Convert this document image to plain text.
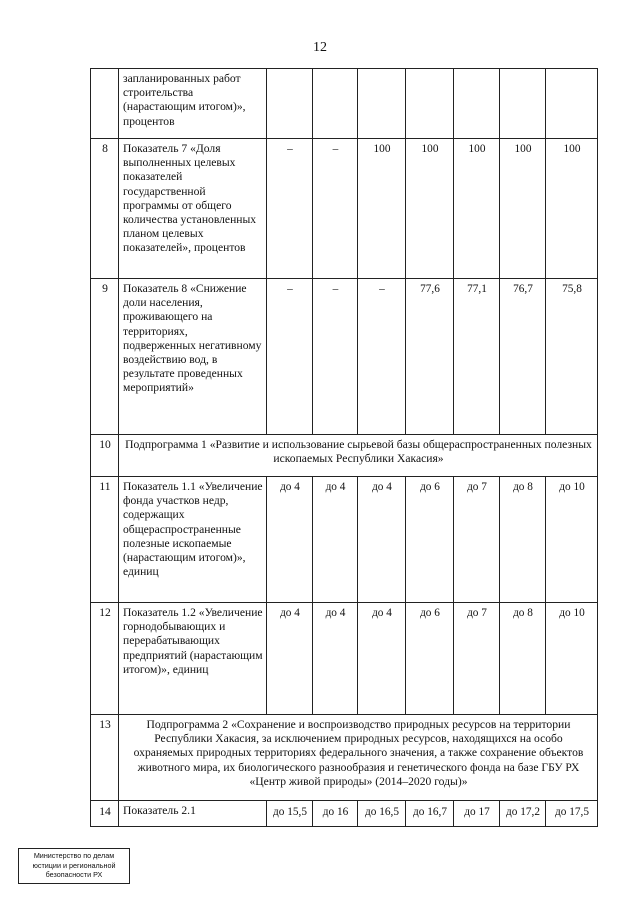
12
	запланированных работ строительства (нарастающим итогом)», процентов							
8	Показатель 7 «Доля выполненных целевых показателей государственной программы от общего количества установленных планом целевых показателей», процентов	–	–	100	100	100	100	100
9	Показатель 8 «Снижение доли населения, проживающего на территориях, подверженных негативному воздействию вод, в результате проведенных мероприятий»	–	–	–	77,6	77,1	76,7	75,8
10	Подпрограмма 1 «Развитие и использование сырьевой базы общераспространенных полезных ископаемых Республики Хакасия»							
11	Показатель 1.1 «Увеличение фонда участков недр, содержащих общераспространенные полезные ископаемые (нарастающим итогом)», единиц	до 4	до 4	до 4	до 6	до 7	до 8	до 10
12	Показатель 1.2 «Увеличение горнодобывающих и перерабатывающих предприятий (нарастающим итогом)», единиц	до 4	до 4	до 4	до 6	до 7	до 8	до 10
13	Подпрограмма 2 «Сохранение и воспроизводство природных ресурсов на территории Республики Хакасия, за исключением природных ресурсов, находящихся на особо охраняемых природных территориях федерального значения, а также сохранение объектов животного мира, их биологического разнообразия и генетического фонда на базе ГБУ РХ «Центр живой природы» (2014–2020 годы)»							
14	Показатель 2.1	до 15,5	до 16	до 16,5	до 16,7	до 17	до 17,2	до 17,5
Министерство по делам
юстиции и региональной
безопасности РХ
